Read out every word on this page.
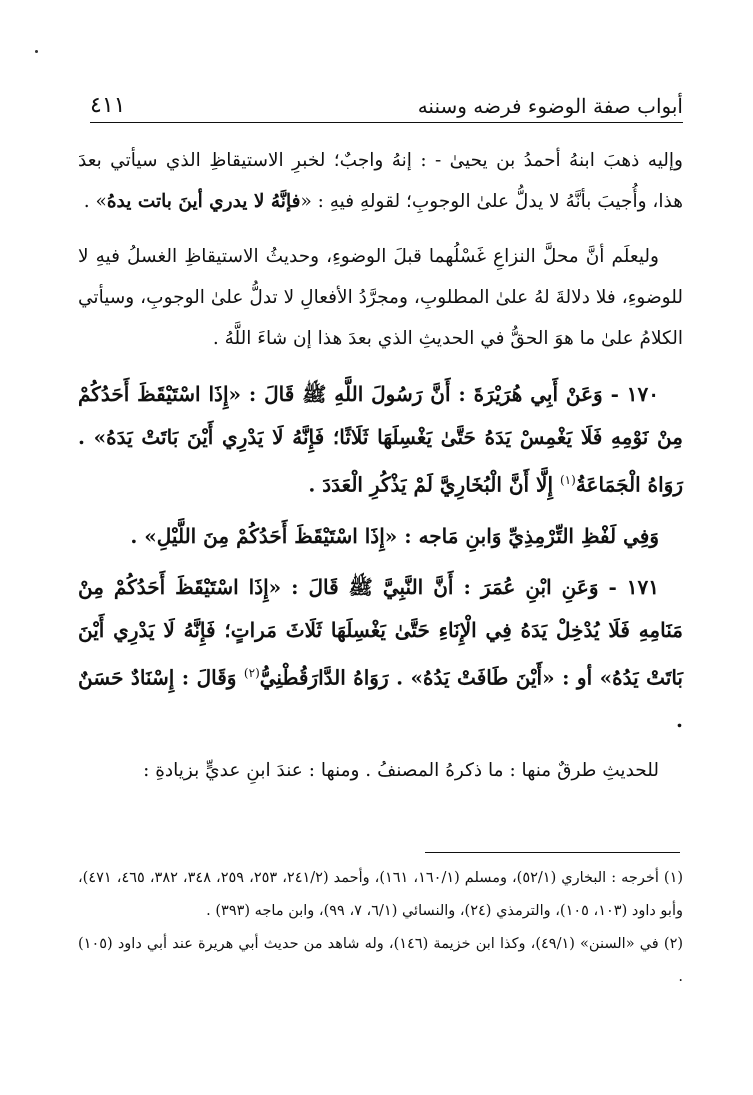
٤١١	أبواب صفة الوضوء فرضه وسننه

وإليه ذهبَ ابنهُ أحمدُ بن يحيىٰ - : إنهُ واجبٌ؛ لخبرِ الاستيقاظِ الذي سيأتي بعدَ هذا، وأُجيبَ بأنَّهُ لا يدلُّ علىٰ الوجوبِ؛ لقولهِ فيهِ : «فإنَّهُ لا يدري أينَ باتت يدهُ» .

وليعلَم أنَّ محلَّ النزاعِ غَسْلُهما قبلَ الوضوءِ، وحديثُ الاستيقاظِ الغسلُ فيهِ لا للوضوءِ، فلا دلالةَ لهُ علىٰ المطلوبِ، ومجرَّدُ الأفعالِ لا تدلُّ علىٰ الوجوبِ، وسيأتي الكلامُ علىٰ ما هوَ الحقُّ في الحديثِ الذي بعدَ هذا إن شاءَ اللَّهُ .

١٧٠ - وَعَنْ أَبِي هُرَيْرَةَ : أَنَّ رَسُولَ اللَّهِ ﷺ قَالَ : «إِذَا اسْتَيْقَظَ أَحَدُكُمْ مِنْ نَوْمِهِ فَلَا يَغْمِسْ يَدَهُ حَتَّىٰ يَغْسِلَهَا ثَلَاثًا؛ فَإِنَّهُ لَا يَدْرِي أَيْنَ بَاتَتْ يَدَهُ» . رَوَاهُ الْجَمَاعَةُ$^{(١)}$ إِلَّا أَنَّ الْبُخَارِيَّ لَمْ يَذْكُرِ الْعَدَدَ .

وَفِي لَفْظِ التِّرْمِذِيِّ وَابنِ مَاجه : «إِذَا اسْتَيْقَظَ أَحَدُكُمْ مِنَ اللَّيْلِ» .

١٧١ - وَعَنِ ابْنِ عُمَرَ : أَنَّ النَّبِيَّ ﷺ قَالَ : «إِذَا اسْتَيْقَظَ أَحَدُكُمْ مِنْ مَنَامِهِ فَلَا يُدْخِلْ يَدَهُ فِي الْإِنَاءِ حَتَّىٰ يَغْسِلَهَا ثَلَاثَ مَراتٍ؛ فَإِنَّهُ لَا يَدْرِي أَيْنَ بَاتَتْ يَدُهُ» أو : «أَيْنَ طَافَتْ يَدُهُ» . رَوَاهُ الدَّارَقُطْنِيُّ$^{(٢)}$ وَقَالَ : إِسْنَادٌ حَسَنٌ .

للحديثِ طرقٌ منها : ما ذكرهُ المصنفُ . ومنها : عندَ ابنِ عديٍّ بزيادةِ :

(١) أخرجه : البخاري (٥٢/١)، ومسلم (١٦٠/١، ١٦١)، وأحمد (٢٤١/٢، ٢٥٣، ٢٥٩، ٣٤٨، ٣٨٢، ٤٦٥، ٤٧١)، وأبو داود (١٠٣، ١٠٥)، والترمذي (٢٤)، والنسائي (٦/١، ٧، ٩٩)، وابن ماجه (٣٩٣) .

(٢) في «السنن» (٤٩/١)، وكذا ابن خزيمة (١٤٦)، وله شاهد من حديث أبي هريرة عند أبي داود (١٠٥) .
